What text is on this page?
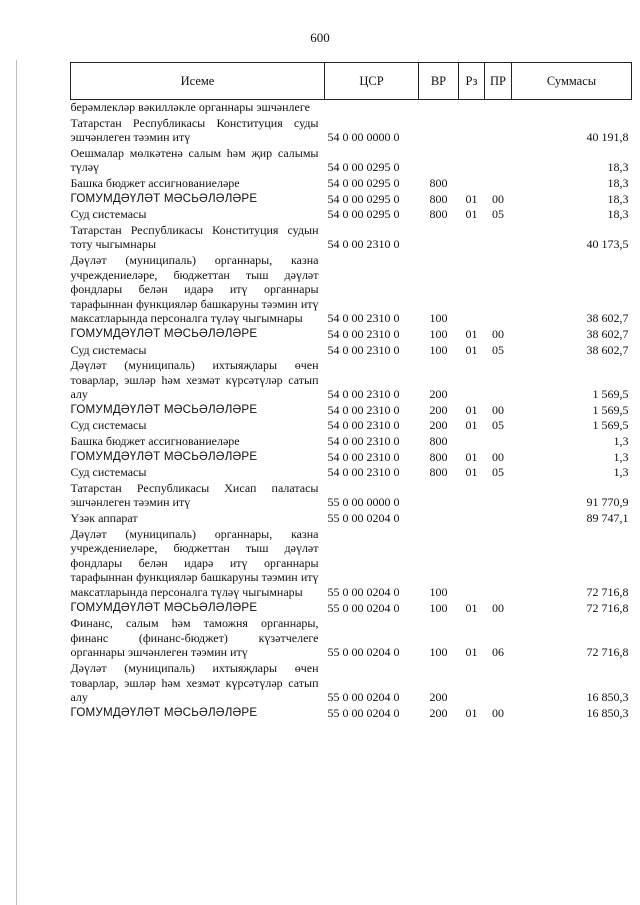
600
Исеме	ЦСР	ВР	Рз	ПР	Суммасы
берәмлекләр вәкилләкле органнары эшчәнлеге					
Татарстан Республикасы Конституция суды эшчәнлеген тәэмин итү	54 0 00 0000 0				40 191,8
Оешмалар мөлкәтенә салым һәм җир салымы түләү	54 0 00 0295 0				18,3
Башка бюджет ассигнованиеләре	54 0 00 0295 0	800			18,3
ГОМУМДӘҮЛӘТ МӘСЬӘЛӘЛӘРЕ	54 0 00 0295 0	800	01	00	18,3
Суд системасы	54 0 00 0295 0	800	01	05	18,3
Татарстан Республикасы Конституция судын тоту чыгымнары	54 0 00 2310 0				40 173,5
Дәүләт (муниципаль) органнары, казна учреждениеләре, бюджеттан тыш дәүләт фондлары белән идарә итү органнары тарафыннан функцияләр башкаруны тәэмин итү максатларында персоналга түләү чыгымнары	54 0 00 2310 0	100			38 602,7
ГОМУМДӘҮЛӘТ МӘСЬӘЛӘЛӘРЕ	54 0 00 2310 0	100	01	00	38 602,7
Суд системасы	54 0 00 2310 0	100	01	05	38 602,7
Дәүләт (муниципаль) ихтыяҗлары өчен товарлар, эшләр һәм хезмәт күрсәтүләр сатып алу	54 0 00 2310 0	200			1 569,5
ГОМУМДӘҮЛӘТ МӘСЬӘЛӘЛӘРЕ	54 0 00 2310 0	200	01	00	1 569,5
Суд системасы	54 0 00 2310 0	200	01	05	1 569,5
Башка бюджет ассигнованиеләре	54 0 00 2310 0	800			1,3
ГОМУМДӘҮЛӘТ МӘСЬӘЛӘЛӘРЕ	54 0 00 2310 0	800	01	00	1,3
Суд системасы	54 0 00 2310 0	800	01	05	1,3
Татарстан Республикасы Хисап палатасы эшчәнлеген тәэмин итү	55 0 00 0000 0				91 770,9
Үзәк аппарат	55 0 00 0204 0				89 747,1
Дәүләт (муниципаль) органнары, казна учреждениеләре, бюджеттан тыш дәүләт фондлары белән идарә итү органнары тарафыннан функцияләр башкаруны тәэмин итү максатларында персоналга түләү чыгымнары	55 0 00 0204 0	100			72 716,8
ГОМУМДӘҮЛӘТ МӘСЬӘЛӘЛӘРЕ	55 0 00 0204 0	100	01	00	72 716,8
Финанс, салым һәм таможня органнары, финанс (финанс-бюджет) күзәтчелеге органнары эшчәнлеген тәэмин итү	55 0 00 0204 0	100	01	06	72 716,8
Дәүләт (муниципаль) ихтыяҗлары өчен товарлар, эшләр һәм хезмәт күрсәтүләр сатып алу	55 0 00 0204 0	200			16 850,3
ГОМУМДӘҮЛӘТ МӘСЬӘЛӘЛӘРЕ	55 0 00 0204 0	200	01	00	16 850,3
